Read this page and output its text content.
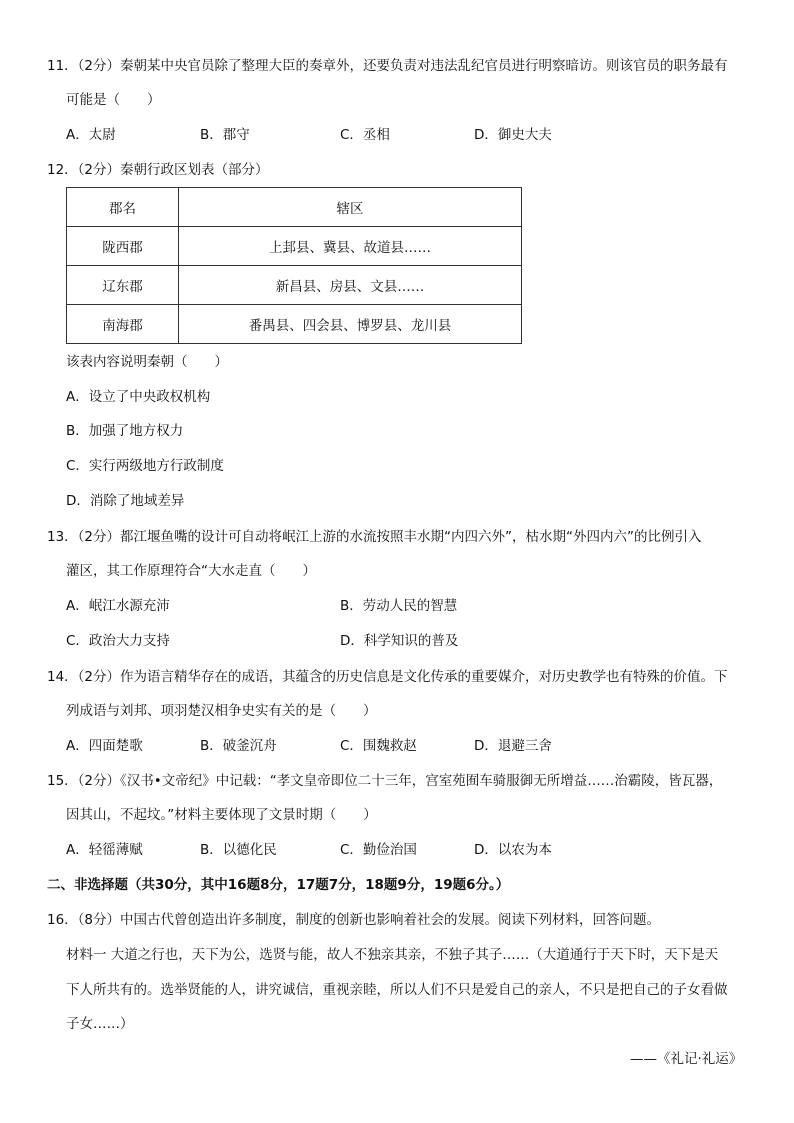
11．（2分）秦朝某中央官员除了整理大臣的奏章外，还要负责对违法乱纪官员进行明察暗访。则该官员的职务最有
可能是（　　）
A．太尉	B．郡守	C．丞相	D．御史大夫
12．（2分）秦朝行政区划表（部分）
郡名	辖区
陇西郡	上邽县、冀县、故道县……
辽东郡	新昌县、房县、文县……
南海郡	番禺县、四会县、博罗县、龙川县
该表内容说明秦朝（　　）
A．设立了中央政权机构
B．加强了地方权力
C．实行两级地方行政制度
D．消除了地域差异
13．（2分）都江堰鱼嘴的设计可自动将岷江上游的水流按照丰水期“内四六外”，枯水期“外四内六”的比例引入
灌区，其工作原理符合“大水走直（　　）
A．岷江水源充沛	B．劳动人民的智慧
C．政治大力支持	D．科学知识的普及
14．（2分）作为语言精华存在的成语，其蕴含的历史信息是文化传承的重要媒介，对历史教学也有特殊的价值。下
列成语与刘邦、项羽楚汉相争史实有关的是（　　）
A．四面楚歌	B．破釜沉舟	C．围魏救赵	D．退避三舍
15．（2分）《汉书•文帝纪》中记载：“孝文皇帝即位二十三年，宫室苑囿车骑服御无所增益……治霸陵，皆瓦器，
因其山，不起坟。”材料主要体现了文景时期（　　）
A．轻徭薄赋	B．以德化民	C．勤俭治国	D．以农为本
二、非选择题（共30分，其中16题8分，17题7分，18题9分，19题6分。）
16．（8分）中国古代曾创造出许多制度，制度的创新也影响着社会的发展。阅读下列材料，回答问题。
材料一 大道之行也，天下为公，选贤与能，故人不独亲其亲，不独子其子……（大道通行于天下时，天下是天
下人所共有的。选举贤能的人，讲究诚信，重视亲睦，所以人们不只是爱自己的亲人，不只是把自己的子女看做
子女……）
——《礼记·礼运》
